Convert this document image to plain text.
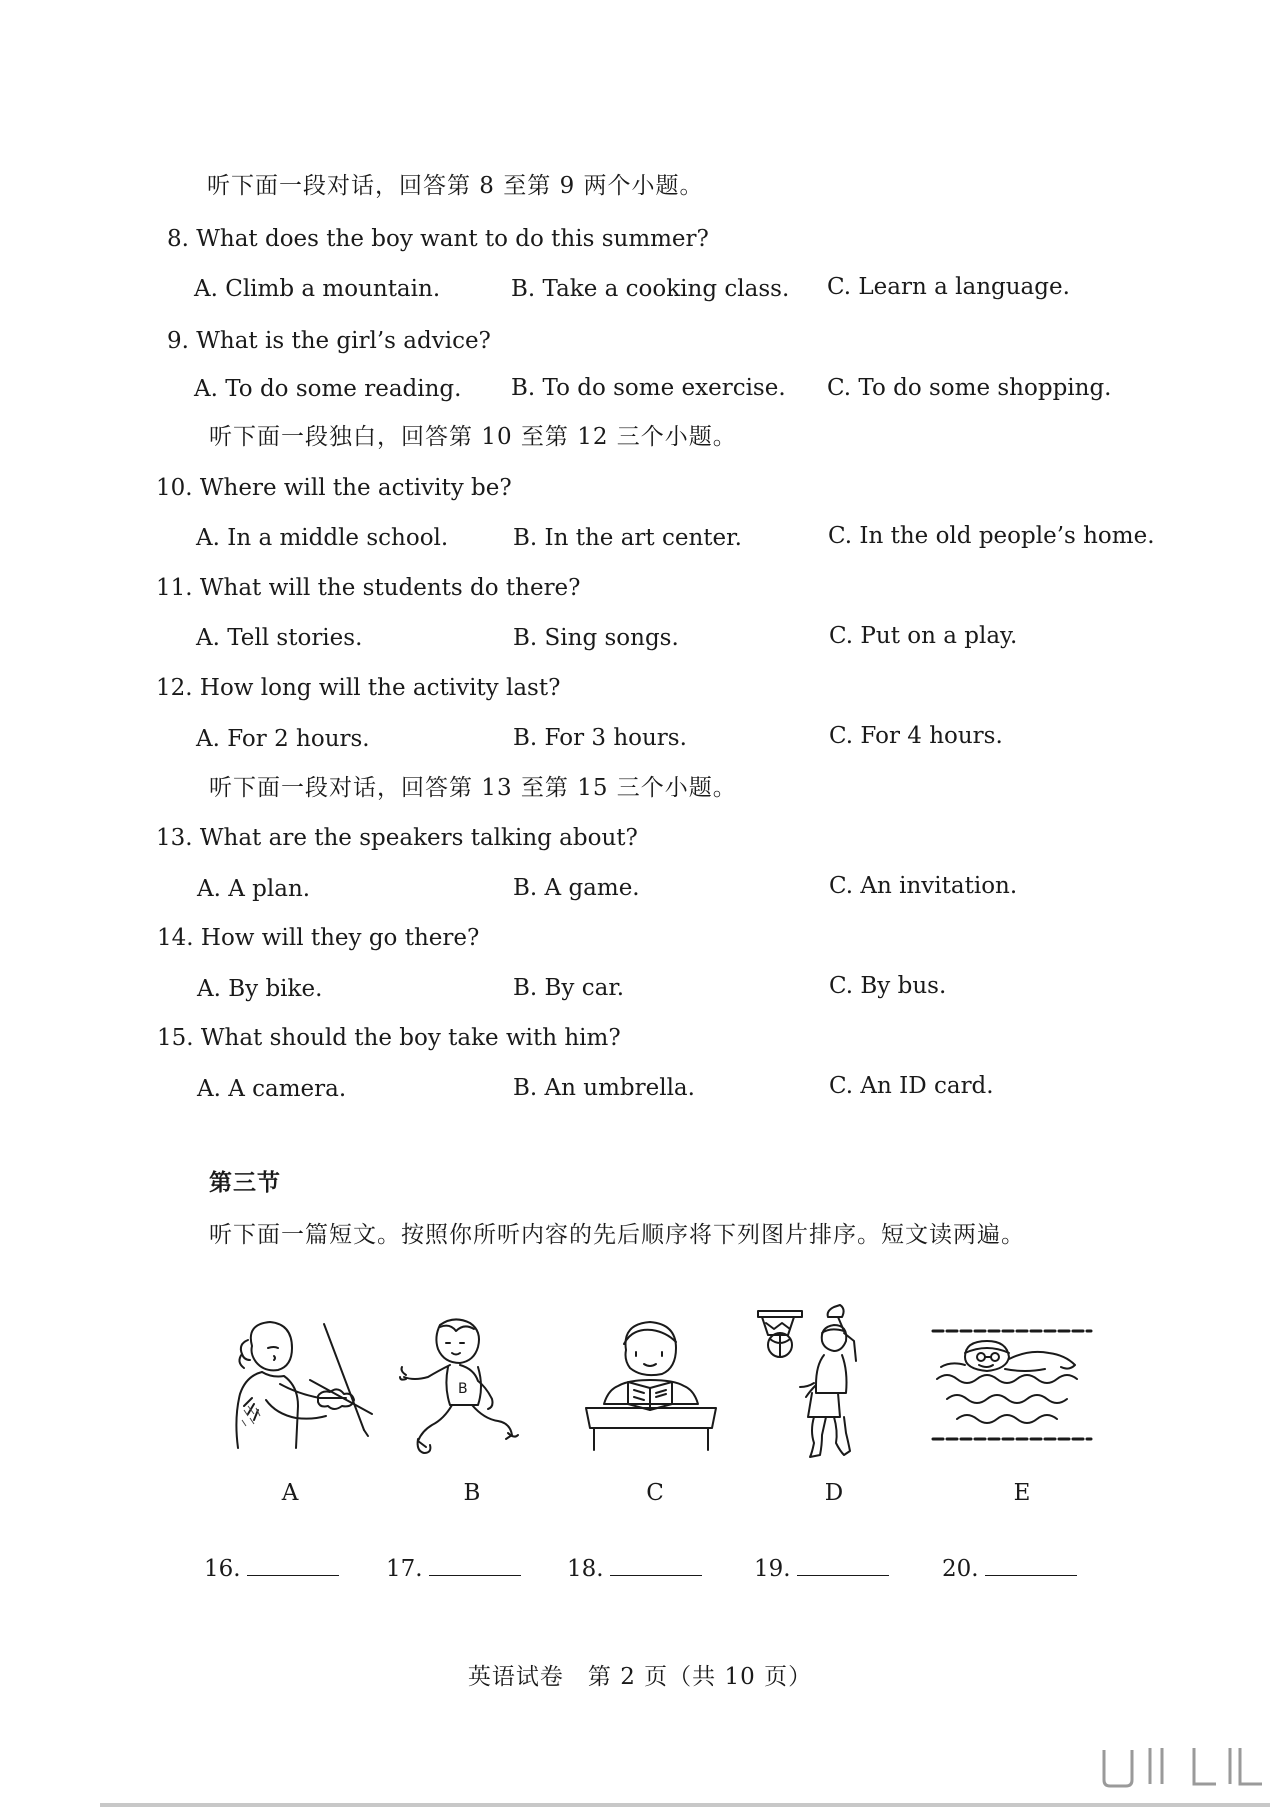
听下面一段对话，回答第 8 至第 9 两个小题。
8. What does the boy want to do this summer?
A. Climb a mountain.	B. Take a cooking class. C. Learn a language.
9. What is the girl’s advice?
A. To do some reading. B. To do some exercise. C. To do some shopping.
听下面一段独白，回答第 10 至第 12 三个小题。
10. Where will the activity be?
A. In a middle school.	B. In the art center.	C. In the old people’s home.
11. What will the students do there?
A. Tell stories.	B. Sing songs.	C. Put on a play.
12. How long will the activity last?
A. For 2 hours.	B. For 3 hours.	C. For 4 hours.
听下面一段对话，回答第 13 至第 15 三个小题。
13. What are the speakers talking about?
A. A plan.	B. A game.	C. An invitation.
14. How will they go there?
A. By bike.	B. By car.	C. By bus.
15. What should the boy take with him?
A. A camera.	B. An umbrella.	C. An ID card.
第三节
听下面一篇短文。按照你所听内容的先后顺序将下列图片排序。短文读两遍。
B
A	B	C	D	E
16.	17.	18.	19.	20.
英语试卷　第 2 页（共 10 页）
